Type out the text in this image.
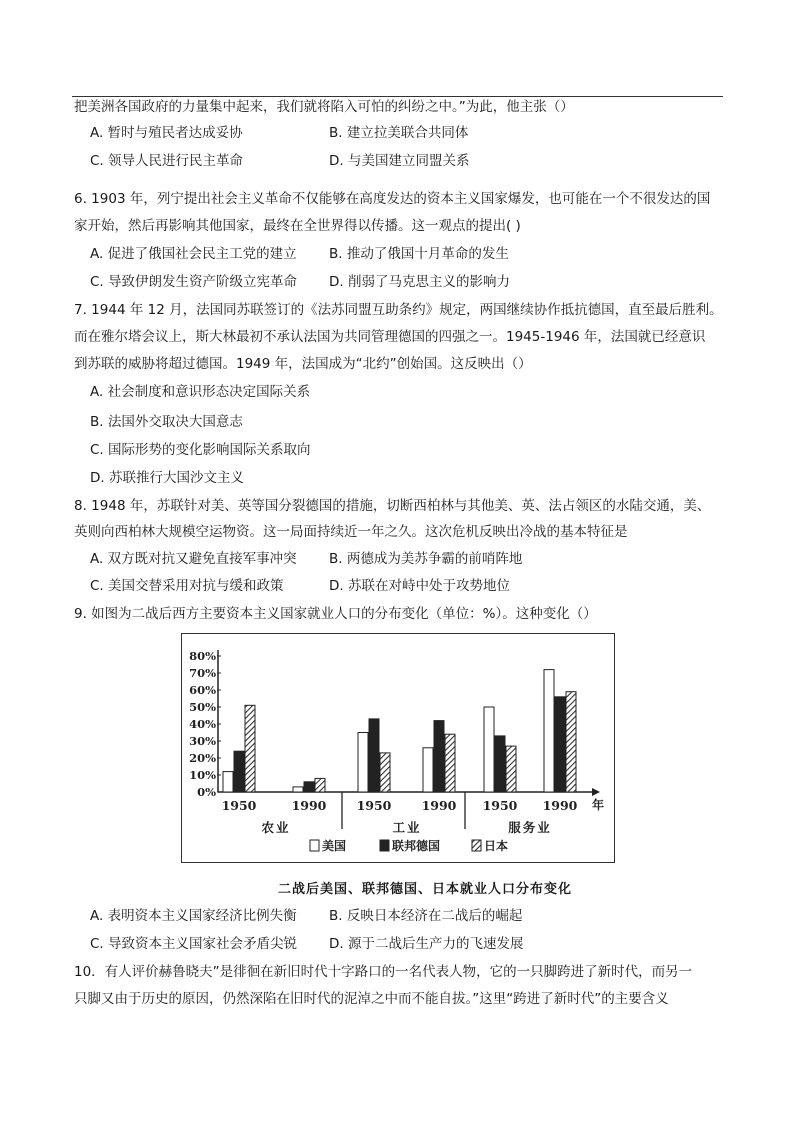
把美洲各国政府的力量集中起来，我们就将陷入可怕的纠纷之中。”为此，他主张（）
A. 暂时与殖民者达成妥协	B. 建立拉美联合共同体
C. 领导人民进行民主革命	D. 与美国建立同盟关系
6. 1903 年，列宁提出社会主义革命不仅能够在高度发达的资本主义国家爆发，也可能在一个不很发达的国
家开始，然后再影响其他国家，最终在全世界得以传播。这一观点的提出( )
A. 促进了俄国社会民主工党的建立 B. 推动了俄国十月革命的发生
C. 导致伊朗发生资产阶级立宪革命 D. 削弱了马克思主义的影响力
7. 1944 年 12 月，法国同苏联签订的《法苏同盟互助条约》规定，两国继续协作抵抗德国，直至最后胜利。
而在雅尔塔会议上，斯大林最初不承认法国为共同管理德国的四强之一。1945-1946 年，法国就已经意识
到苏联的威胁将超过德国。1949 年，法国成为“北约”创始国。这反映出（）
A. 社会制度和意识形态决定国际关系
B. 法国外交取决大国意志
C. 国际形势的变化影响国际关系取向
D. 苏联推行大国沙文主义
8. 1948 年，苏联针对美、英等国分裂德国的措施，切断西柏林与其他美、英、法占领区的水陆交通，美、
英则向西柏林大规模空运物资。这一局面持续近一年之久。这次危机反映出冷战的基本特征是
A. 双方既对抗又避免直接军事冲突 B. 两德成为美苏争霸的前哨阵地
C. 美国交替采用对抗与缓和政策	D. 苏联在对峙中处于攻势地位
9. 如图为二战后西方主要资本主义国家就业人口的分布变化（单位：%）。这种变化（）
0%
10%
20%
30%
40%
50%
60%
70%
80%
年
1950	1990 1950 1990 1950 1990
农业	工业	服务业
美国	联邦德国	日本
二战后美国、联邦德国、日本就业人口分布变化
A. 表明资本主义国家经济比例失衡 B. 反映日本经济在二战后的崛起
C. 导致资本主义国家社会矛盾尖锐 D. 源于二战后生产力的飞速发展
10．有人评价赫鲁晓夫”是徘徊在新旧时代十字路口的一名代表人物，它的一只脚跨进了新时代，而另一
只脚又由于历史的原因，仍然深陷在旧时代的泥淖之中而不能自拔。”这里“跨进了新时代”的主要含义
